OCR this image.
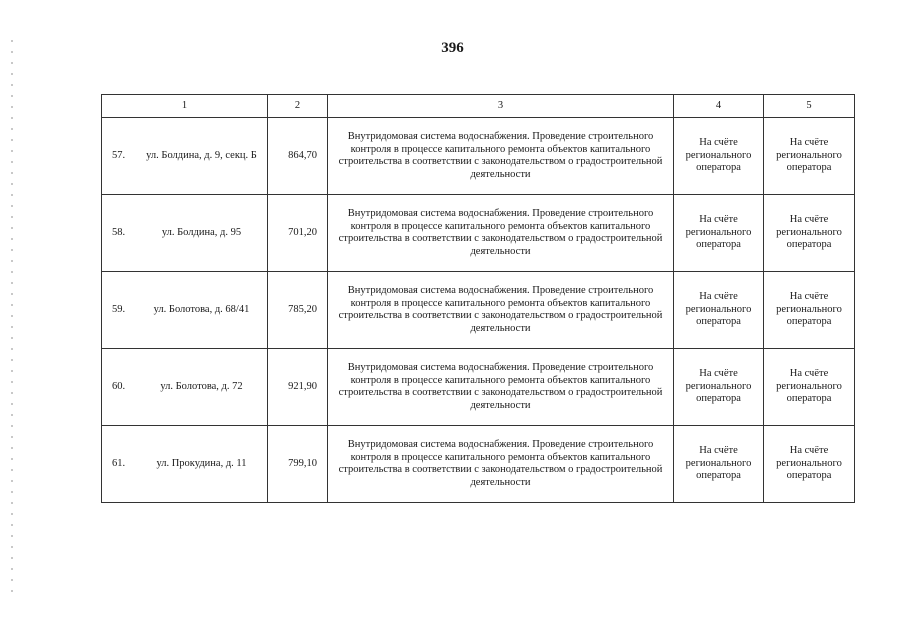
396
1	2	3	4	5

57. ул. Болдина, д. 9, секц. Б	864,70	Внутридомовая система водоснабжения. Проведение строительного контроля в процессе капитального ремонта объектов капитального строительства в соответствии с законодательством о градостроительной деятельности	На счёте регионального оператора	На счёте регионального оператора

58. ул. Болдина, д. 95	701,20	Внутридомовая система водоснабжения. Проведение строительного контроля в процессе капитального ремонта объектов капитального строительства в соответствии с законодательством о градостроительной деятельности	На счёте регионального оператора	На счёте регионального оператора

59. ул. Болотова, д. 68/41	785,20	Внутридомовая система водоснабжения. Проведение строительного контроля в процессе капитального ремонта объектов капитального строительства в соответствии с законодательством о градостроительной деятельности	На счёте регионального оператора	На счёте регионального оператора

60. ул. Болотова, д. 72	921,90	Внутридомовая система водоснабжения. Проведение строительного контроля в процессе капитального ремонта объектов капитального строительства в соответствии с законодательством о градостроительной деятельности	На счёте регионального оператора	На счёте регионального оператора

61. ул. Прокудина, д. 11	799,10	Внутридомовая система водоснабжения. Проведение строительного контроля в процессе капитального ремонта объектов капитального строительства в соответствии с законодательством о градостроительной деятельности	На счёте регионального оператора	На счёте регионального оператора
